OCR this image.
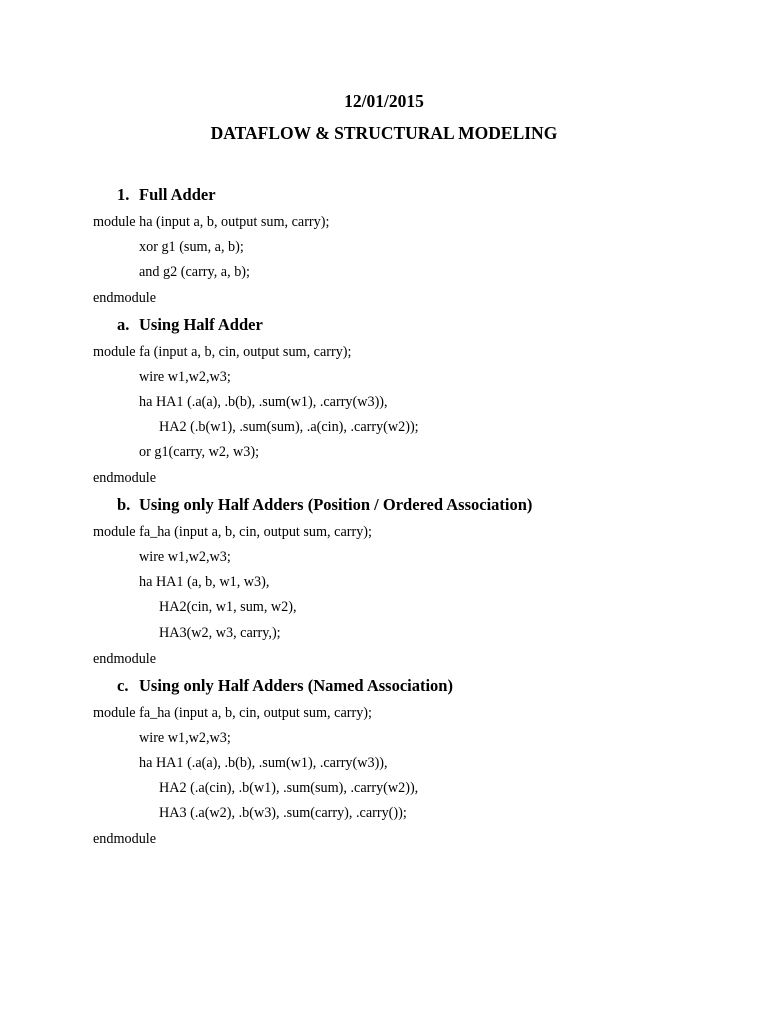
12/01/2015
DATAFLOW & STRUCTURAL MODELING
1. Full Adder
module ha (input a, b, output sum, carry);
xor g1 (sum, a, b);
and g2 (carry, a, b);
endmodule
a. Using Half Adder
module fa (input a, b, cin, output sum, carry);
wire w1,w2,w3;
ha HA1 (.a(a), .b(b), .sum(w1), .carry(w3)),
HA2 (.b(w1), .sum(sum), .a(cin), .carry(w2));
or g1(carry, w2, w3);
endmodule
b. Using only Half Adders (Position / Ordered Association)
module fa_ha (input a, b, cin, output sum, carry);
wire w1,w2,w3;
ha HA1 (a, b, w1, w3),
HA2(cin, w1, sum, w2),
HA3(w2, w3, carry,);
endmodule
c. Using only Half Adders (Named Association)
module fa_ha (input a, b, cin, output sum, carry);
wire w1,w2,w3;
ha HA1 (.a(a), .b(b), .sum(w1), .carry(w3)),
HA2 (.a(cin), .b(w1), .sum(sum), .carry(w2)),
HA3 (.a(w2), .b(w3), .sum(carry), .carry());
endmodule
